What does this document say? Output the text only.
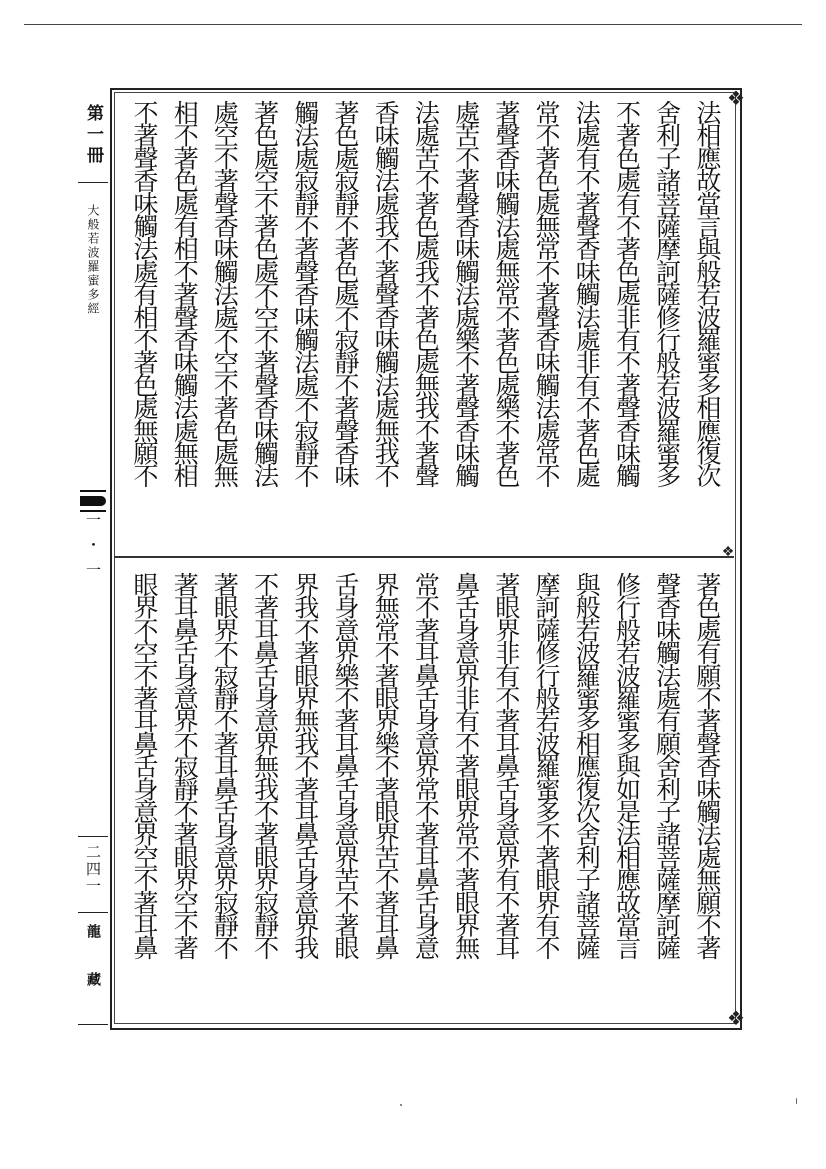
第一冊
大般若波羅蜜多經
一・一
二四一
龍藏
❖
❖
❖
法相應故當言與般若波羅蜜多相應復次
舍利子諸菩薩摩訶薩修行般若波羅蜜多
不著色處有不著色處非有不著聲香味觸
法處有不著聲香味觸法處非有不著色處
常不著色處無常不著聲香味觸法處常不
著聲香味觸法處無常不著色處樂不著色
處苦不著聲香味觸法處樂不著聲香味觸
法處苦不著色處我不著色處無我不著聲
香味觸法處我不著聲香味觸法處無我不
著色處寂靜不著色處不寂靜不著聲香味
觸法處寂靜不著聲香味觸法處不寂靜不
著色處空不著色處不空不著聲香味觸法
處空不著聲香味觸法處不空不著色處無
相不著色處有相不著聲香味觸法處無相
不著聲香味觸法處有相不著色處無願不
著色處有願不著聲香味觸法處無願不著
聲香味觸法處有願舍利子諸菩薩摩訶薩
修行般若波羅蜜多與如是法相應故當言
與般若波羅蜜多相應復次舍利子諸菩薩
摩訶薩修行般若波羅蜜多不著眼界有不
著眼界非有不著耳鼻舌身意界有不著耳
鼻舌身意界非有不著眼界常不著眼界無
常不著耳鼻舌身意界常不著耳鼻舌身意
界無常不著眼界樂不著眼界苦不著耳鼻
舌身意界樂不著耳鼻舌身意界苦不著眼
界我不著眼界無我不著耳鼻舌身意界我
不著耳鼻舌身意界無我不著眼界寂靜不
著眼界不寂靜不著耳鼻舌身意界寂靜不
著耳鼻舌身意界不寂靜不著眼界空不著
眼界不空不著耳鼻舌身意界空不著耳鼻
